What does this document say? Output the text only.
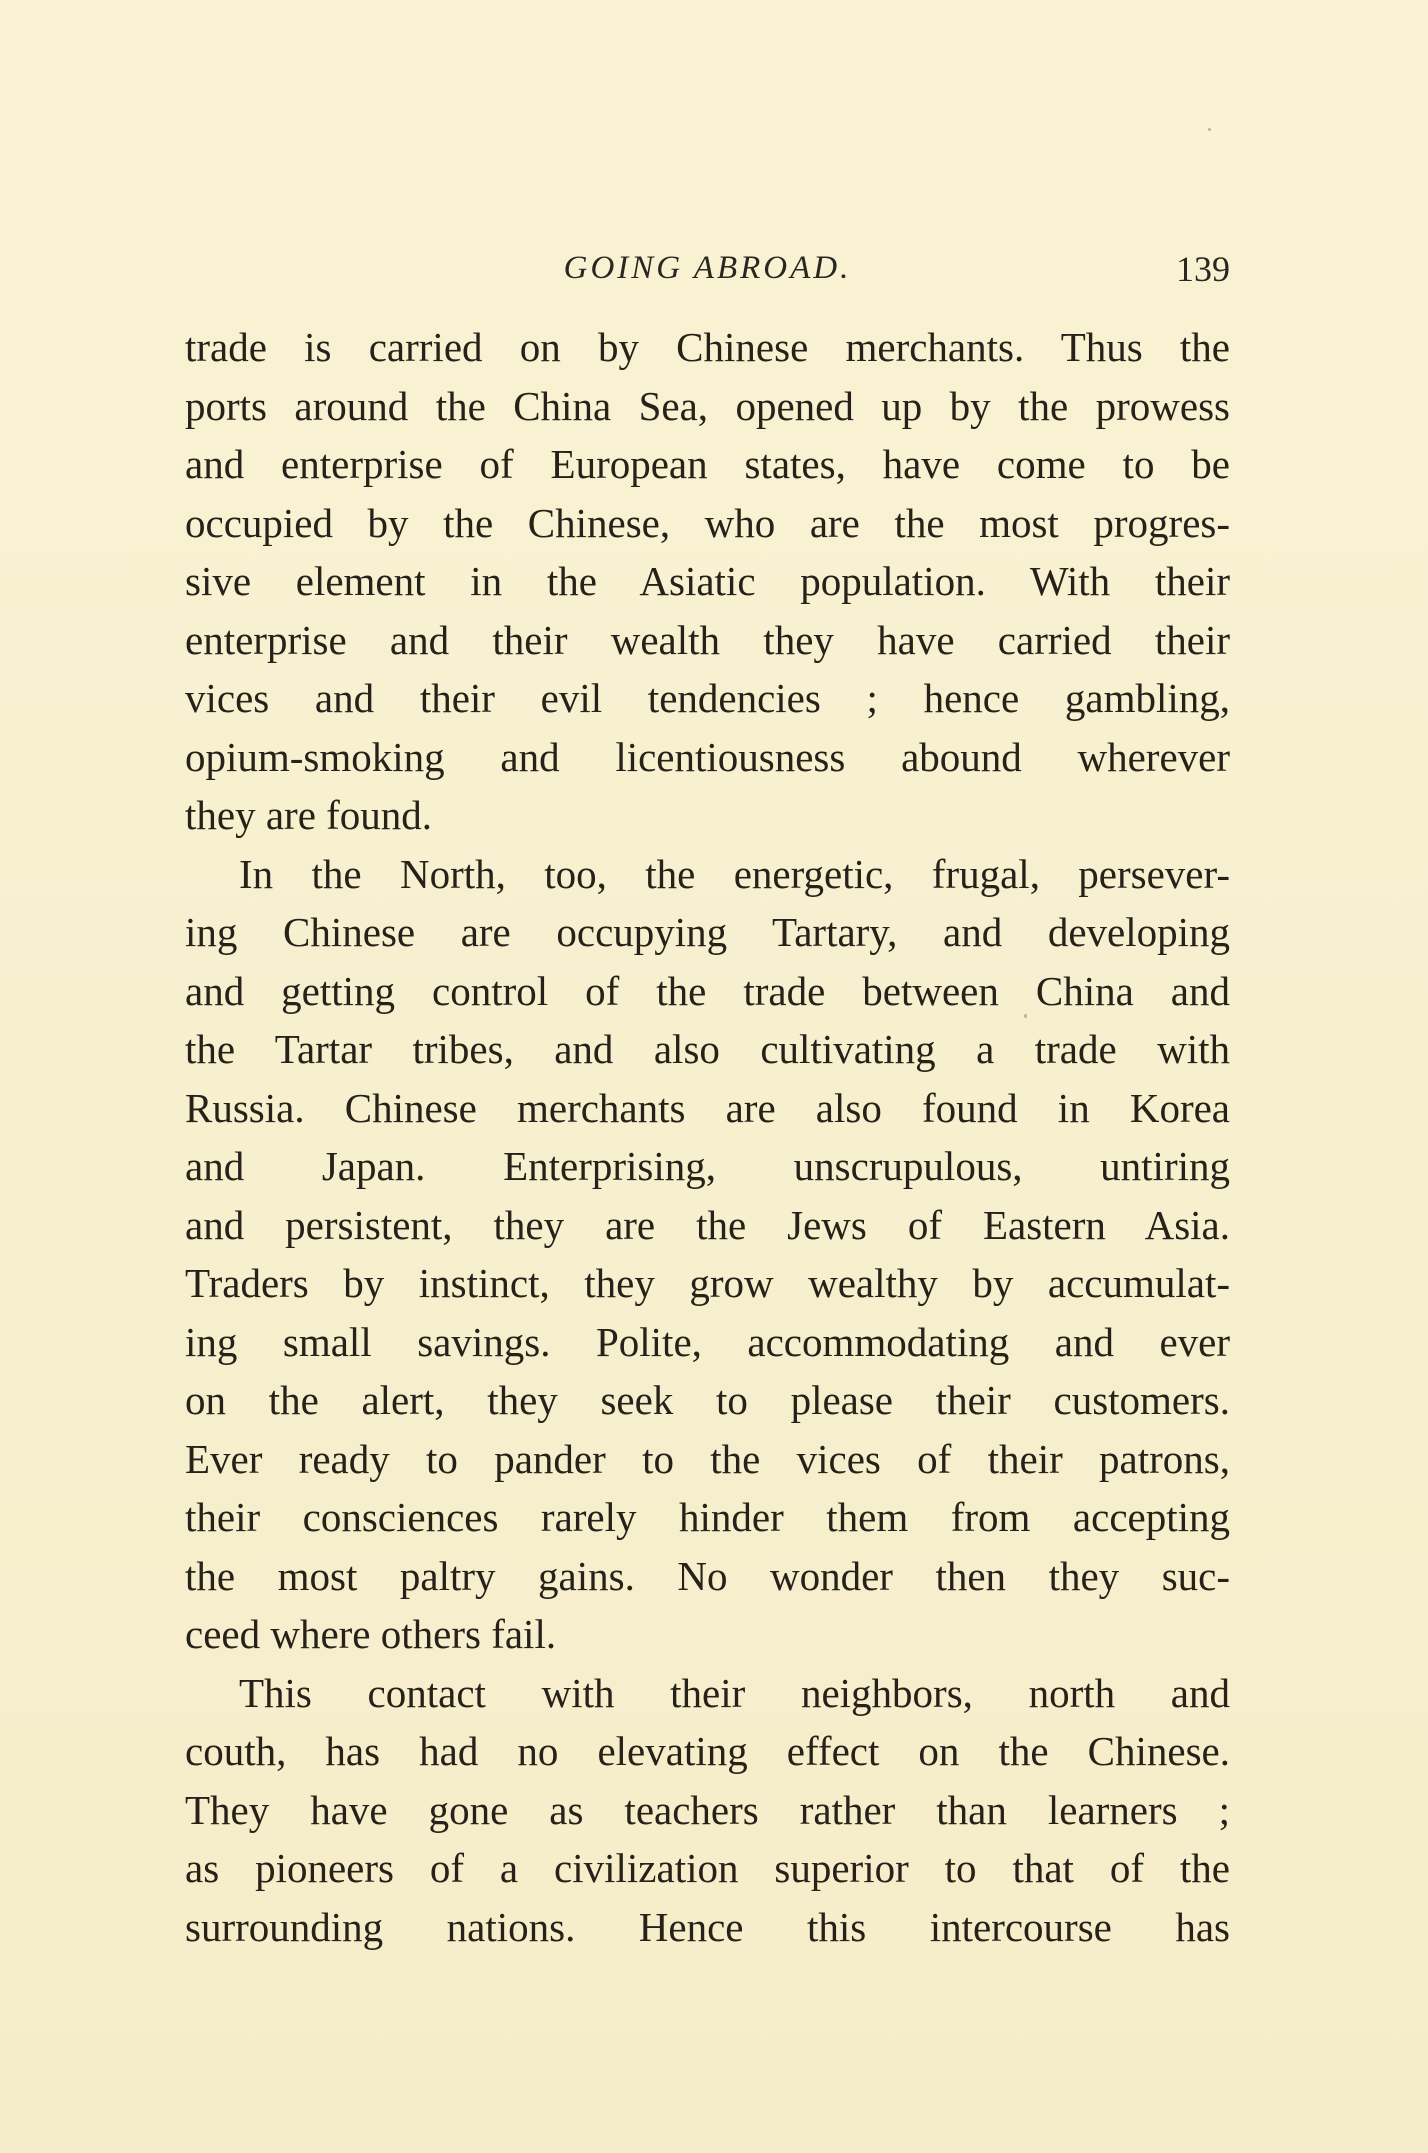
GOING ABROAD.	139
trade is carried on by Chinese merchants. Thus the
ports around the China Sea, opened up by the prowess
and enterprise of European states, have come to be
occupied by the Chinese, who are the most progres-
sive element in the Asiatic population. With their
enterprise and their wealth they have carried their
vices and their evil tendencies ; hence gambling,
opium-smoking and licentiousness abound wherever
they are found.
In the North, too, the energetic, frugal, persever-
ing Chinese are occupying Tartary, and developing
and getting control of the trade between China and
the Tartar tribes, and also cultivating a trade with
Russia. Chinese merchants are also found in Korea
and Japan. Enterprising, unscrupulous, untiring
and persistent, they are the Jews of Eastern Asia.
Traders by instinct, they grow wealthy by accumulat-
ing small savings. Polite, accommodating and ever
on the alert, they seek to please their customers.
Ever ready to pander to the vices of their patrons,
their consciences rarely hinder them from accepting
the most paltry gains. No wonder then they suc-
ceed where others fail.
This contact with their neighbors, north and
couth, has had no elevating effect on the Chinese.
They have gone as teachers rather than learners ;
as pioneers of a civilization superior to that of the
surrounding nations. Hence this intercourse has
